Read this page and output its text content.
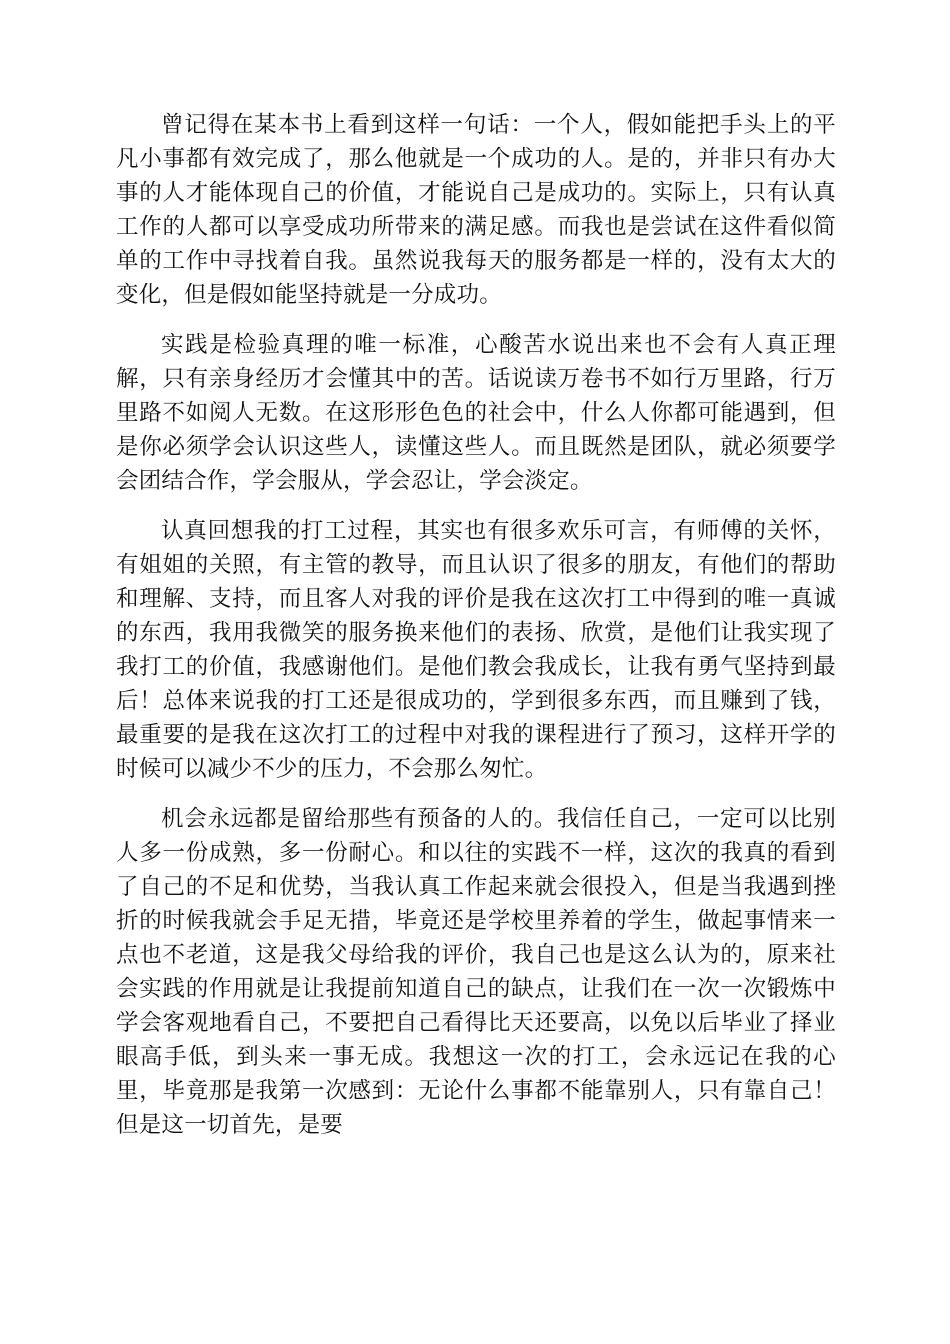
曾记得在某本书上看到这样一句话：一个人，假如能把手头上的平凡小事都有效完成了，那么他就是一个成功的人。是的，并非只有办大事的人才能体现自己的价值，才能说自己是成功的。实际上，只有认真工作的人都可以享受成功所带来的满足感。而我也是尝试在这件看似简单的工作中寻找着自我。虽然说我每天的服务都是一样的，没有太大的变化，但是假如能坚持就是一分成功。

实践是检验真理的唯一标准，心酸苦水说出来也不会有人真正理解，只有亲身经历才会懂其中的苦。话说读万卷书不如行万里路，行万里路不如阅人无数。在这形形色色的社会中，什么人你都可能遇到，但是你必须学会认识这些人，读懂这些人。而且既然是团队，就必须要学会团结合作，学会服从，学会忍让，学会淡定。

认真回想我的打工过程，其实也有很多欢乐可言，有师傅的关怀，有姐姐的关照，有主管的教导，而且认识了很多的朋友，有他们的帮助和理解、支持，而且客人对我的评价是我在这次打工中得到的唯一真诚的东西，我用我微笑的服务换来他们的表扬、欣赏，是他们让我实现了我打工的价值，我感谢他们。是他们教会我成长，让我有勇气坚持到最后！总体来说我的打工还是很成功的，学到很多东西，而且赚到了钱，最重要的是我在这次打工的过程中对我的课程进行了预习，这样开学的时候可以减少不少的压力，不会那么匆忙。

机会永远都是留给那些有预备的人的。我信任自己，一定可以比别人多一份成熟，多一份耐心。和以往的实践不一样，这次的我真的看到了自己的不足和优势，当我认真工作起来就会很投入，但是当我遇到挫折的时候我就会手足无措，毕竟还是学校里养着的学生，做起事情来一点也不老道，这是我父母给我的评价，我自己也是这么认为的，原来社会实践的作用就是让我提前知道自己的缺点，让我们在一次一次锻炼中学会客观地看自己，不要把自己看得比天还要高，以免以后毕业了择业眼高手低，到头来一事无成。我想这一次的打工，会永远记在我的心里，毕竟那是我第一次感到：无论什么事都不能靠别人，只有靠自己！但是这一切首先，是要
